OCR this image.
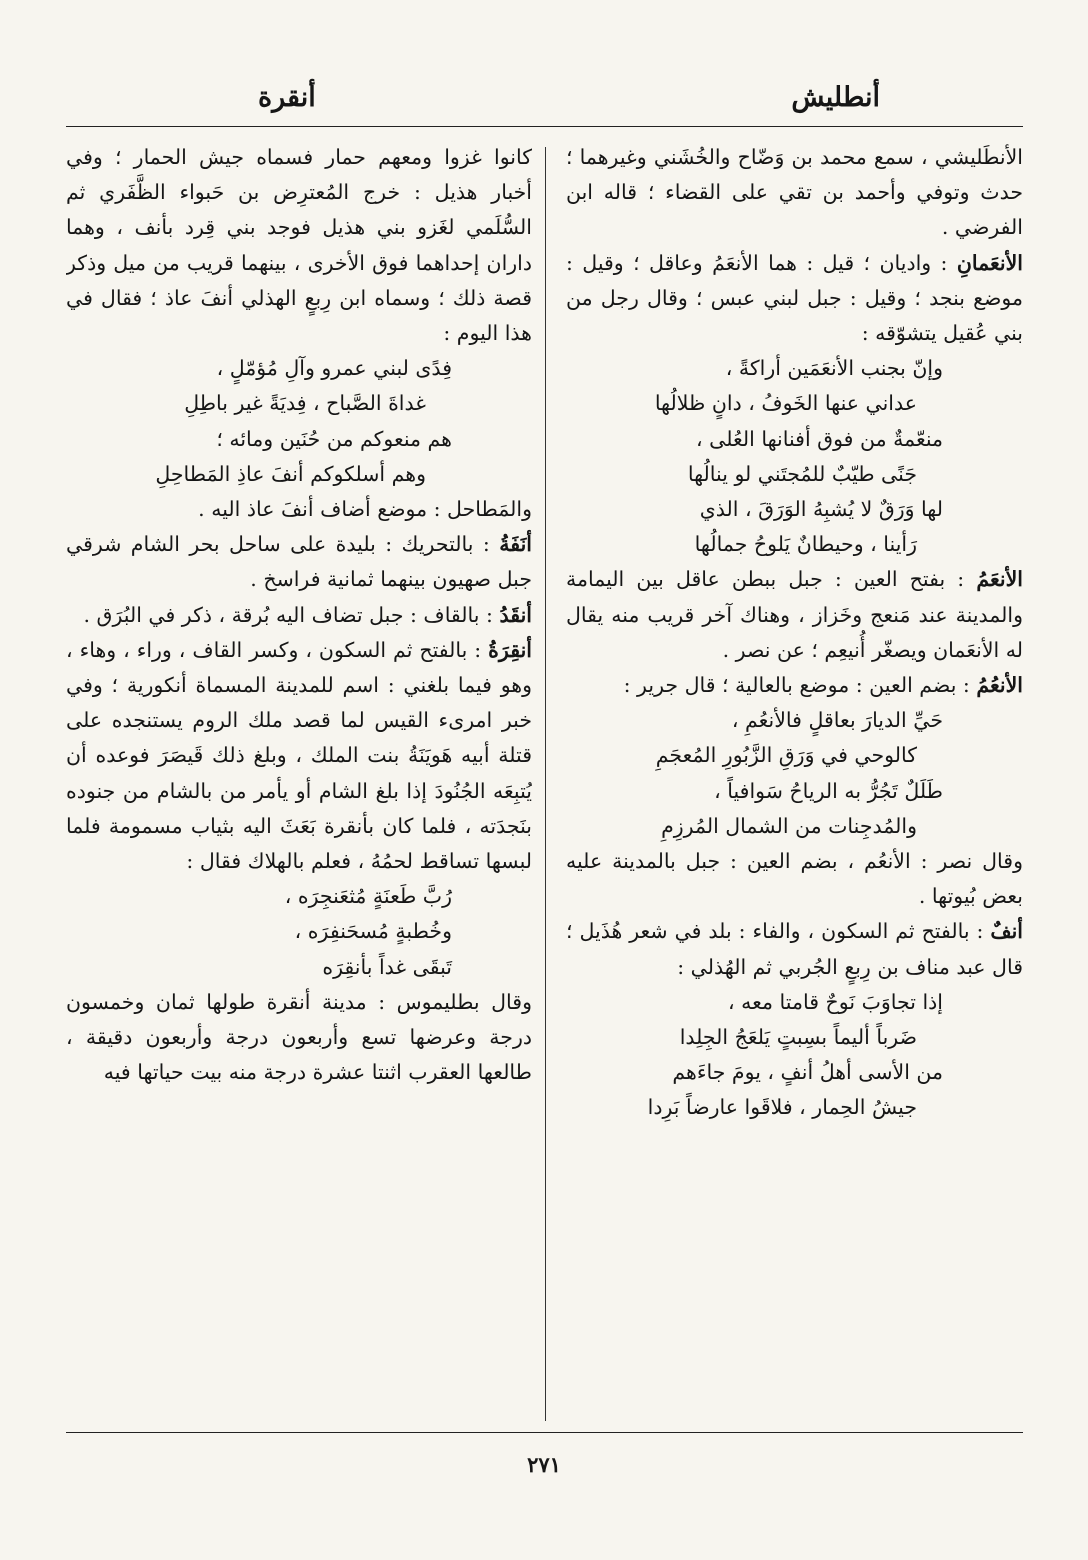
أنطليش
أنقرة

الأنطَليشي ، سمع محمد بن وَضّاح والخُشَني وغيرهما ؛ حدث وتوفي وأحمد بن تقي على القضاء ؛ قاله ابن الفرضي .

الأنعَمانِ : واديان ؛ قيل : هما الأنعَمُ وعاقل ؛ وقيل : موضع بنجد ؛ وقيل : جبل لبني عبس ؛ وقال رجل من بني عُقيل يتشوّقه :

وإنّ بجنب الأنعَمَين أراكةً ،
عداني عنها الخَوفُ ، دانٍ ظلالُها
منعّمةٌ من فوق أفنانها العُلى ،
جَنًى طيّبٌ للمُجتَني لو ينالُها
لها وَرَقٌ لا يُشبِهُ الوَرَقَ ، الذي
رَأينا ، وحيطانٌ يَلوحُ جمالُها

الأنعَمُ : بفتح العين : جبل ببطن عاقل بين اليمامة والمدينة عند مَنعج وخَزاز ، وهناك آخر قريب منه يقال له الأنعَمان ويصغّر أُنيعِم ؛ عن نصر .

الأنعُمُ : بضم العين : موضع بالعالية ؛ قال جرير :

حَيِّ الديارَ بعاقلٍ فالأنعُمِ ،
كالوحي في وَرَقِ الزَّبُورِ المُعجَمِ
طَلَلٌ تَجُرُّ به الرياحُ سَوافياً ،
والمُدجِنات من الشمال المُرزِمِ

وقال نصر : الأنعُم ، بضم العين : جبل بالمدينة عليه بعض بُيوتها .

أنفٌ : بالفتح ثم السكون ، والفاء : بلد في شعر هُذَيل ؛ قال عبد مناف بن رِبعٍ الجُربي ثم الهُذلي :

إذا تجاوَبَ نَوحٌ قامتا معه ،
ضَرباً أليماً بسِبتٍ يَلعَجُ الجِلِدا
من الأسى أهلُ أنفٍ ، يومَ جاءَهم
جيشُ الحِمار ، فلاقَوا عارضاً بَرِدا

كانوا غزوا ومعهم حمار فسماه جيش الحمار ؛ وفي أخبار هذيل : خرج المُعترِض بن حَبواء الظَّفَري ثم السُّلَمي لغَزو بني هذيل فوجد بني قِرد بأنف ، وهما داران إحداهما فوق الأخرى ، بينهما قريب من ميل وذكر قصة ذلك ؛ وسماه ابن رِبعٍ الهذلي أنفَ عاذ ؛ فقال في هذا اليوم :

فِدًى لبني عمرو وآلِ مُؤمّلٍ ،
غداةَ الصَّباح ، فِديَةً غير باطِلِ
هم منعوكم من حُنَين ومائه ؛
وهم أسلكوكم أنفَ عاذِ المَطاحِلِ

والمَطاحل : موضع أضاف أنفَ عاذ اليه .

أنَفَةُ : بالتحريك : بليدة على ساحل بحر الشام شرقي جبل صهيون بينهما ثمانية فراسخ .

أنقَدُ : بالقاف : جبل تضاف اليه بُرقة ، ذكر في البُرَق .

أنقِرَةُ : بالفتح ثم السكون ، وكسر القاف ، وراء ، وهاء ، وهو فيما بلغني : اسم للمدينة المسماة أنكورية ؛ وفي خبر امرىء القيس لما قصد ملك الروم يستنجده على قتلة أبيه هَويَنَةُ بنت الملك ، وبلغ ذلك قَيصَرَ فوعده أن يُتبِعَه الجُنُودَ إذا بلغ الشام أو يأمر من بالشام من جنوده بنَجدَته ، فلما كان بأنقرة بَعَثَ اليه بثياب مسمومة فلما لبسها تساقط لحمُهُ ، فعلم بالهلاك فقال :

رُبَّ طَعنَةٍ مُثعَنجِرَه ،
وخُطبةٍ مُسحَنفِرَه ،
تَبقَى غداً بأنقِرَه

وقال بطليموس : مدينة أنقرة طولها ثمان وخمسون درجة وعرضها تسع وأربعون درجة وأربعون دقيقة ، طالعها العقرب اثنتا عشرة درجة منه بيت حياتها فيه

٢٧١
